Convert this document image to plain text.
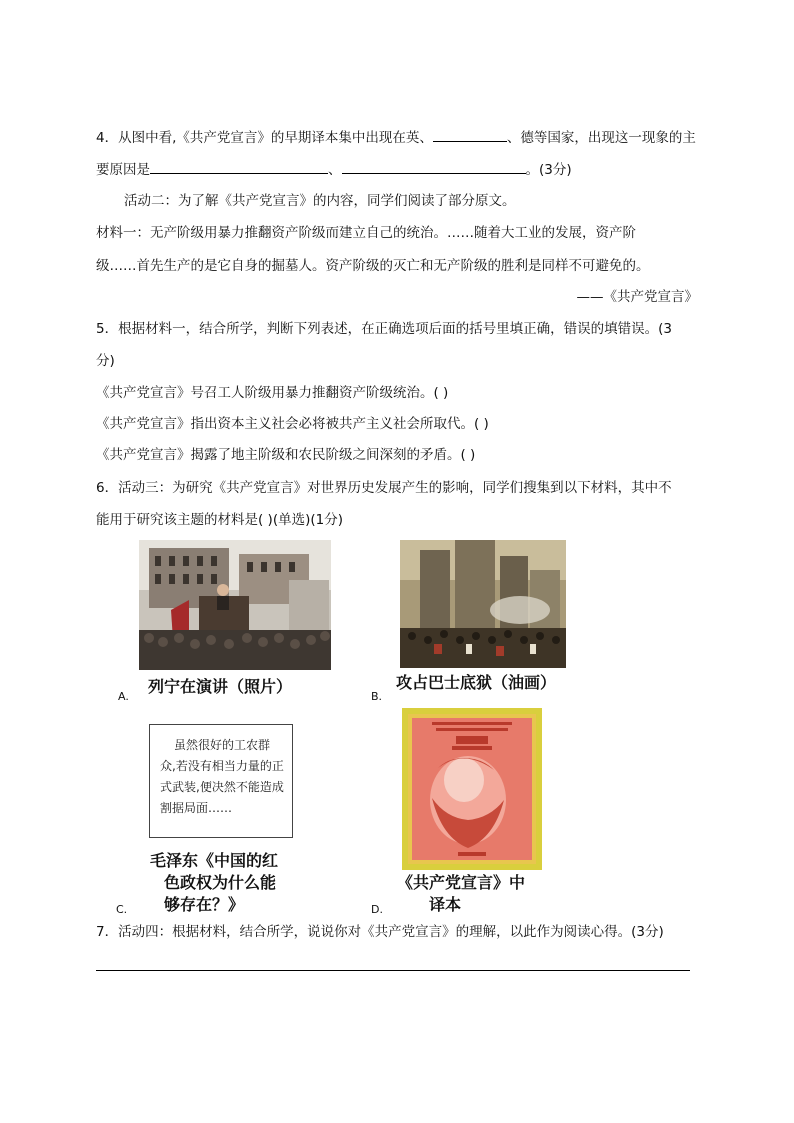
4．从图中看,《共产党宣言》的早期译本集中出现在英、	、德等国家，出现这一现象的主
要原因是	、	。(3分)
活动二：为了解《共产党宣言》的内容，同学们阅读了部分原文。
材料一：无产阶级用暴力推翻资产阶级而建立自己的统治。……随着大工业的发展，资产阶
级……首先生产的是它自身的掘墓人。资产阶级的灭亡和无产阶级的胜利是同样不可避免的。
——《共产党宣言》
5．根据材料一，结合所学，判断下列表述，在正确选项后面的括号里填正确，错误的填错误。(3
分)
《共产党宣言》号召工人阶级用暴力推翻资产阶级统治。( )
《共产党宣言》指出资本主义社会必将被共产主义社会所取代。( )
《共产党宣言》揭露了地主阶级和农民阶级之间深刻的矛盾。( )
6．活动三：为研究《共产党宣言》对世界历史发展产生的影响，同学们搜集到以下材料，其中不
能用于研究该主题的材料是( )(单选)(1分)
A.
列宁在演讲（照片）
B.
攻占巴士底狱（油画）
虽然很好的工农群
众,若没有相当力量的正
式武装,便决然不能造成
割据局面……
毛泽东《中国的红
色政权为什么能
够存在？》
C.
《共产党宣言》中
译本
D.
7．活动四：根据材料，结合所学，说说你对《共产党宣言》的理解，以此作为阅读心得。(3分)
